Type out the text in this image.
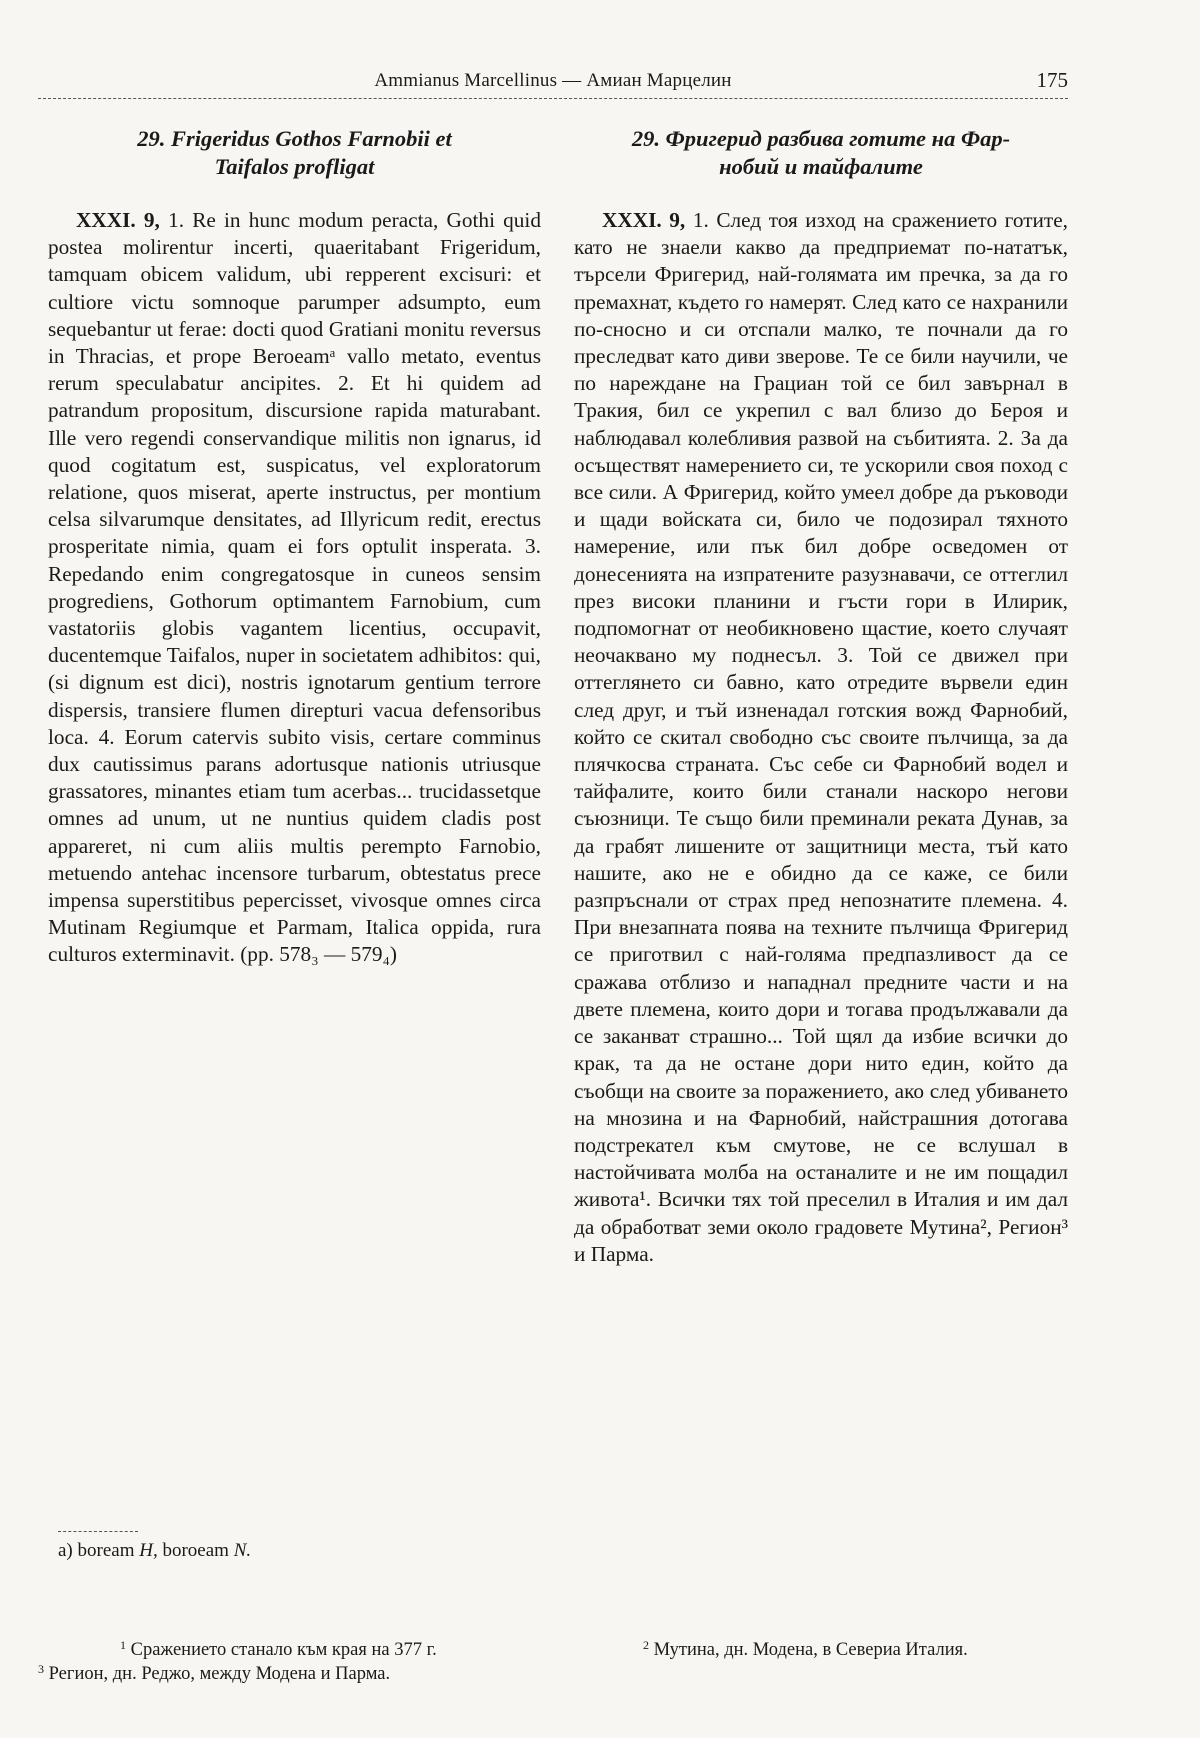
Ammianus Marcellinus — Амиан Марцелин	175
29. Frigeridus Gothos Farnobii et
Taifalos profligat

XXXI. 9, 1. Re in hunc modum peracta, Gothi quid postea molirentur incerti, quaeritabant Frigeridum, tamquam obicem validum, ubi repperent excisuri: et cultiore victu somnoque parumper adsumpto, eum sequebantur ut ferae: docti quod Gratiani monitu reversus in Thracias, et prope Beroeamᵃ vallo metato, eventus rerum speculabatur ancipites. 2. Et hi quidem ad patrandum propositum, discursione rapida maturabant. Ille vero regendi conservandique militis non ignarus, id quod cogitatum est, suspicatus, vel exploratorum relatione, quos miserat, aperte instructus, per montium celsa silvarumque densitates, ad Illyricum redit, erectus prosperitate nimia, quam ei fors optulit insperata. 3. Repedando enim congregatosque in cuneos sensim progrediens, Gothorum optimantem Farnobium, cum vastatoriis globis vagantem licentius, occupavit, ducentemque Taifalos, nuper in societatem adhibitos: qui, (si dignum est dici), nostris ignotarum gentium terrore dispersis, transiere flumen direpturi vacua defensoribus loca. 4. Eorum catervis subito visis, certare comminus dux cautissimus parans adortusque nationis utriusque grassatores, minantes etiam tum acerbas... trucidassetque omnes ad unum, ut ne nuntius quidem cladis post appareret, ni cum aliis multis perempto Farnobio, metuendo antehac incensore turbarum, obtestatus prece impensa superstitibus pepercisset, vivosque omnes circa Mutinam Regiumque et Parmam, Italica oppida, rura culturos exterminavit. (pp. 578₃ — 579₄)

29. Фригерид разбива готите на Фар-
нобий и тайфалите

XXXI. 9, 1. След тоя изход на сражението готите, като не знаели какво да предприемат по-нататък, търсели Фригерид, най-голямата им пречка, за да го премахнат, където го намерят. След като се нахранили по-сносно и си отспали малко, те почнали да го преследват като диви зверове. Те се били научили, че по нареждане на Грациан той се бил завърнал в Тракия, бил се укрепил с вал близо до Берoя и наблюдавал колебливия развой на събитията. 2. За да осъществят намерението си, те ускорили своя поход с все сили. А Фригерид, който умеел добре да ръководи и щади войската си, било че подозирал тяхното намерение, или пък бил добре осведомен от донесенията на изпратените разузнавачи, се оттеглил през високи планини и гъсти гори в Илирик, подпомогнат от необикновено щастие, което случаят неочаквано му поднесъл. 3. Той се движел при оттеглянето си бавно, като отредите вървели един след друг, и тъй изненадал готския вожд Фарнобий, който се скитал свободно със своите пълчища, за да плячкосва страната. Със себе си Фарнобий водел и тайфалите, които били станали наскоро негови съюзници. Те също били преминали реката Дунав, за да грабят лишените от защитници места, тъй като нашите, ако не е обидно да се каже, се били разпръснали от страх пред непознатите племена. 4. При внезапната поява на техните пълчища Фригерид се приготвил с най-голяма предпазливост да се сражава отблизо и нападнал предните части и на двете племена, които дори и тогава продължавали да се заканват страшно... Той щял да избие всички до крак, та да не остане дори нито един, който да съобщи на своите за поражението, ако след убиването на мнозина и на Фарнобий, найстрашния дотогава подстрекател към смутове, не се вслушал в настойчивата молба на останалите и не им пощадил живота¹. Всички тях той преселил в Италия и им дал да обработват земи около градовете Мутина², Регион³ и Парма.

a) boream H, boroeam N.
$^1$ Сражението станало към края на 377 г.	$^2$ Мутина, дн. Модена, в Севериа Италия.
$^3$ Регион, дн. Реджо, между Модена и Парма.
